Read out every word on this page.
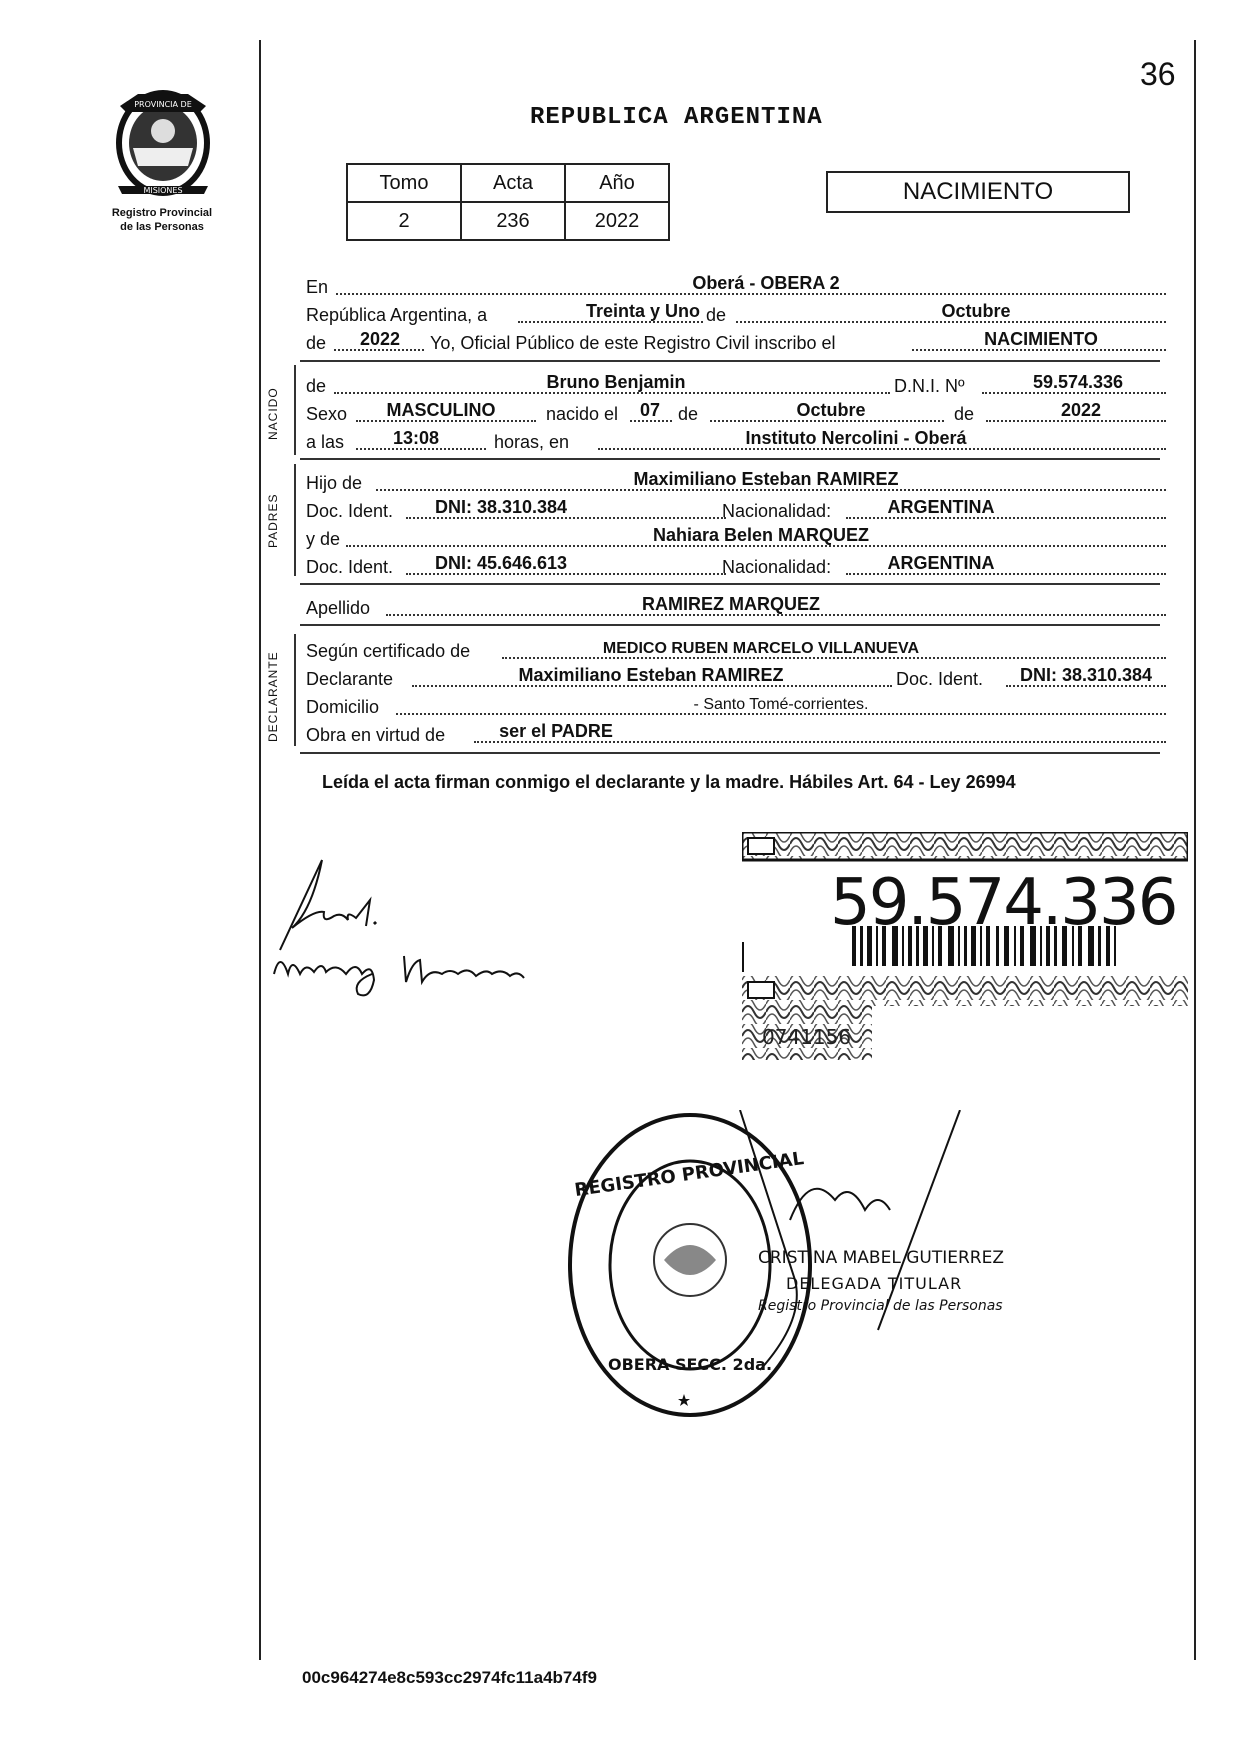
36
PROVINCIA DE
MISIONES
Registro Provincial
de las Personas
REPUBLICA ARGENTINA
Tomo	Acta	Año
2	236	2022
NACIMIENTO
En	Oberá - OBERA 2
República Argentina, a	Treinta y Uno de	Octubre
de	2022	Yo, Oficial Público de este Registro Civil inscribo el	NACIMIENTO
NACIDO
de	Bruno Benjamin	D.N.I. Nº	59.574.336
Sexo	MASCULINO	nacido el	07 de	Octubre	de	2022
a las	13:08	horas, en	Instituto Nercolini - Oberá
PADRES
Hijo de	Maximiliano Esteban RAMIREZ
Doc. Ident.	DNI: 38.310.384	Nacionalidad:	ARGENTINA
y de	Nahiara Belen MARQUEZ
Doc. Ident.	DNI: 45.646.613	Nacionalidad:	ARGENTINA
Apellido	RAMIREZ MARQUEZ
DECLARANTE
Según certificado de	MEDICO RUBEN MARCELO VILLANUEVA
Declarante	Maximiliano Esteban RAMIREZ	Doc. Ident.	DNI: 38.310.384
Domicilio	- Santo Tomé-corrientes.
Obra en virtud de	ser el PADRE
Leída el acta firman conmigo el declarante y la madre. Hábiles Art. 64 - Ley 26994
0741156
59.574.336
REGISTRO PROVINCIAL
OBERA SECC. 2da.
CRISTINA MABEL GUTIERREZ
DELEGADA TITULAR
Registro Provincial de las Personas
00c964274e8c593cc2974fc11a4b74f9
